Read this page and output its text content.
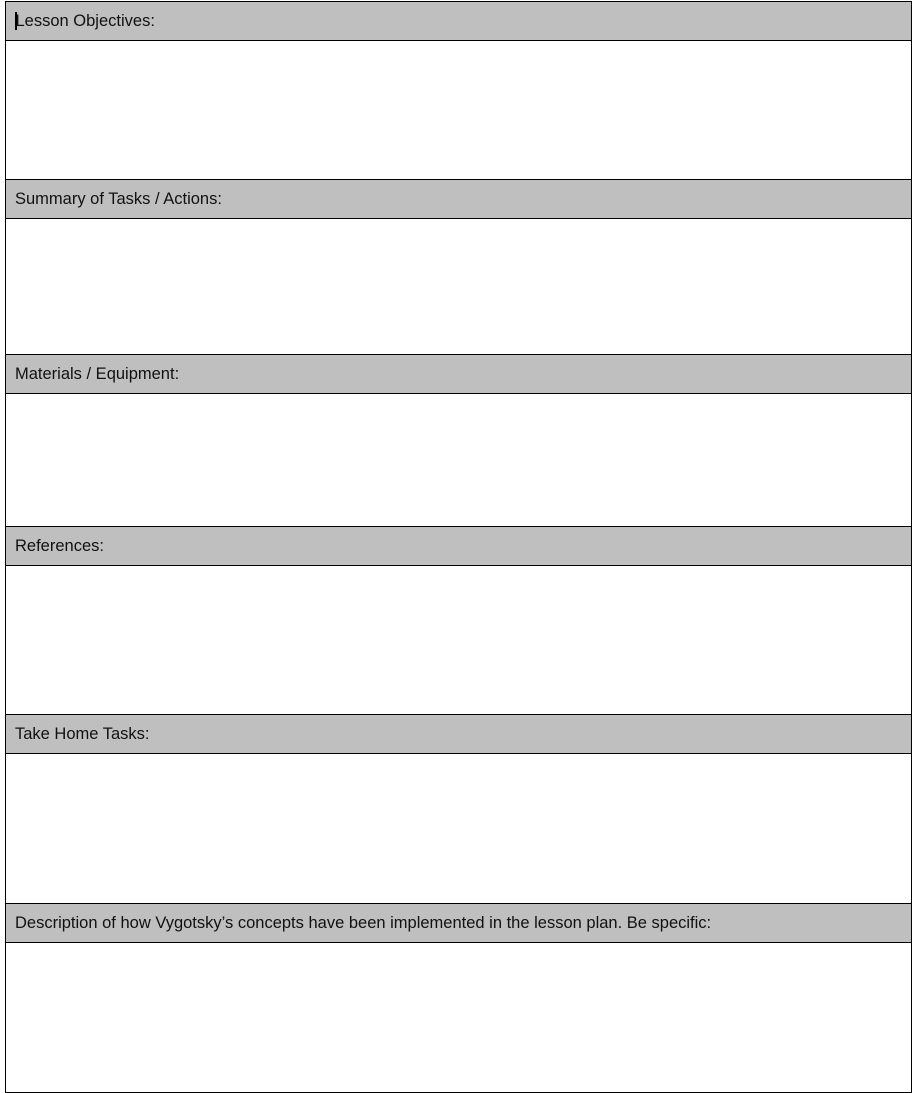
Lesson Objectives:
Summary of Tasks / Actions:
Materials / Equipment:
References:
Take Home Tasks:
Description of how Vygotsky’s concepts have been implemented in the lesson plan. Be specific:
